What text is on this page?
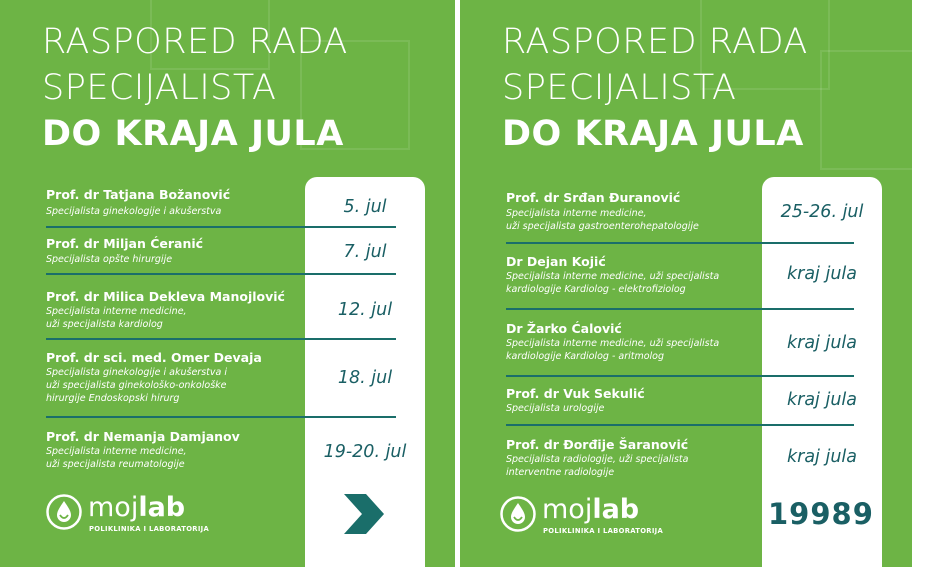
RASPORED RADA
SPECIJALISTA
DO KRAJA JULA
Prof. dr Tatjana Božanović
Specijalista ginekologije i akušerstva	5. jul
Prof. dr Miljan Ćeranić
Specijalista opšte hirurgije	7. jul
Prof. dr Milica Dekleva Manojlović
Specijalista interne medicine,
uži specijalista kardiolog
12. jul
Prof. dr sci. med. Omer Devaja
Specijalista ginekologije i akušerstva i
uži specijalista ginekološko-onkološke
hirurgije Endoskopski hirurg
18. jul
Prof. dr Nemanja Damjanov
Specijalista interne medicine,
uži specijalista reumatologije
19-20. jul
mojlab
POLIKLINIKA I LABORATORIJA
RASPORED RADA
SPECIJALISTA
DO KRAJA JULA
Prof. dr Srđan Đuranović
Specijalista interne medicine,
uži specijalista gastroenterohepatologije
25-26. jul
Dr Dejan Kojić
Specijalista interne medicine, uži specijalista
kardiologije Kardiolog - elektrofiziolog
kraj jula
Dr Žarko Ćalović
Specijalista interne medicine, uži specijalista
kardiologije Kardiolog - aritmolog
kraj jula
Prof. dr Vuk Sekulić
Specijalista urologije	kraj jula
Prof. dr Đorđije Šaranović
Specijalista radiologije, uži specijalista
interventne radiologije
kraj jula
mojlab
POLIKLINIKA I LABORATORIJA	19989
